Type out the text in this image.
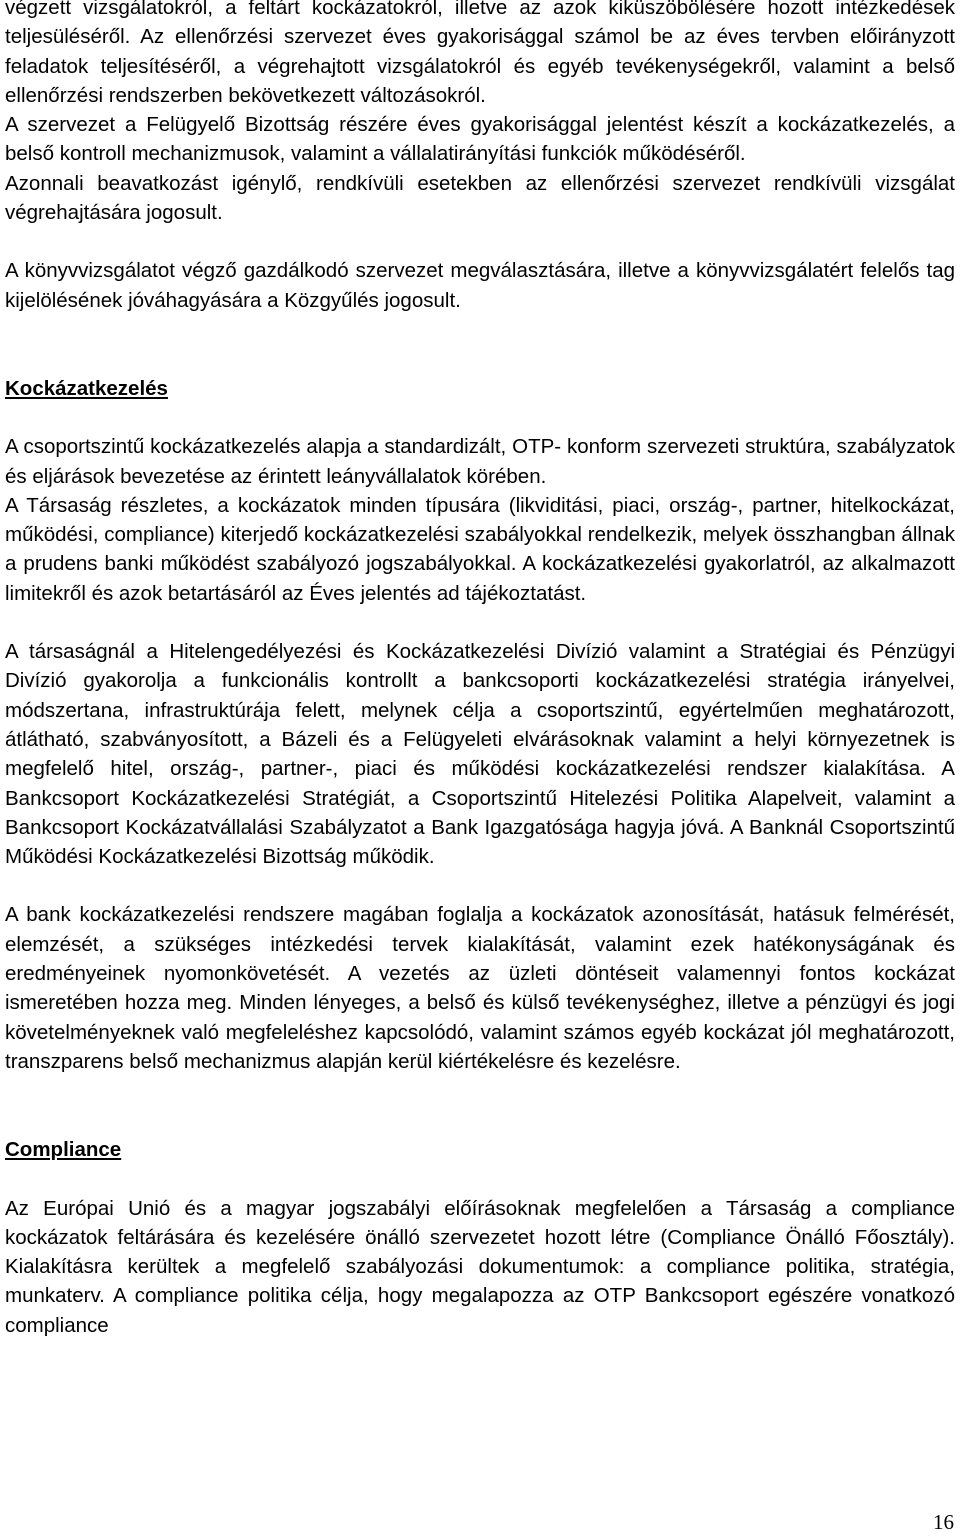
végzett vizsgálatokról, a feltárt kockázatokról, illetve az azok kiküszöbölésére hozott intézkedések teljesüléséről. Az ellenőrzési szervezet éves gyakorisággal számol be az éves tervben előirányzott feladatok teljesítéséről, a végrehajtott vizsgálatokról és egyéb tevékenységekről, valamint a belső ellenőrzési rendszerben bekövetkezett változásokról.

A szervezet a Felügyelő Bizottság részére éves gyakorisággal jelentést készít a kockázatkezelés, a belső kontroll mechanizmusok, valamint a vállalatirányítási funkciók működéséről.

Azonnali beavatkozást igénylő, rendkívüli esetekben az ellenőrzési szervezet rendkívüli vizsgálat végrehajtására jogosult.

A könyvvizsgálatot végző gazdálkodó szervezet megválasztására, illetve a könyvvizsgálatért felelős tag kijelölésének jóváhagyására a Közgyűlés jogosult.

Kockázatkezelés

A csoportszintű kockázatkezelés alapja a standardizált, OTP- konform szervezeti struktúra, szabályzatok és eljárások bevezetése az érintett leányvállalatok körében.

A Társaság részletes, a kockázatok minden típusára (likviditási, piaci, ország-, partner, hitelkockázat, működési, compliance) kiterjedő kockázatkezelési szabályokkal rendelkezik, melyek összhangban állnak a prudens banki működést szabályozó jogszabályokkal. A kockázatkezelési gyakorlatról, az alkalmazott limitekről és azok betartásáról az Éves jelentés ad tájékoztatást.

A társaságnál a Hitelengedélyezési és Kockázatkezelési Divízió valamint a Stratégiai és Pénzügyi Divízió gyakorolja a funkcionális kontrollt a bankcsoporti kockázatkezelési stratégia irányelvei, módszertana, infrastruktúrája felett, melynek célja a csoportszintű, egyértelműen meghatározott, átlátható, szabványosított, a Bázeli és a Felügyeleti elvárásoknak valamint a helyi környezetnek is megfelelő hitel, ország-, partner-, piaci és működési kockázatkezelési rendszer kialakítása. A Bankcsoport Kockázatkezelési Stratégiát, a Csoportszintű Hitelezési Politika Alapelveit, valamint a Bankcsoport Kockázatvállalási Szabályzatot a Bank Igazgatósága hagyja jóvá. A Banknál Csoportszintű Működési Kockázatkezelési Bizottság működik.

A bank kockázatkezelési rendszere magában foglalja a kockázatok azonosítását, hatásuk felmérését, elemzését, a szükséges intézkedési tervek kialakítását, valamint ezek hatékonyságának és eredményeinek nyomonkövetését. A vezetés az üzleti döntéseit valamennyi fontos kockázat ismeretében hozza meg. Minden lényeges, a belső és külső tevékenységhez, illetve a pénzügyi és jogi követelményeknek való megfeleléshez kapcsolódó, valamint számos egyéb kockázat jól meghatározott, transzparens belső mechanizmus alapján kerül kiértékelésre és kezelésre.

Compliance

Az Európai Unió és a magyar jogszabályi előírásoknak megfelelően a Társaság a compliance kockázatok feltárására és kezelésére önálló szervezetet hozott létre (Compliance Önálló Főosztály). Kialakításra kerültek a megfelelő szabályozási dokumentumok: a compliance politika, stratégia, munkaterv. A compliance politika célja, hogy megalapozza az OTP Bankcsoport egészére vonatkozó compliance

16
